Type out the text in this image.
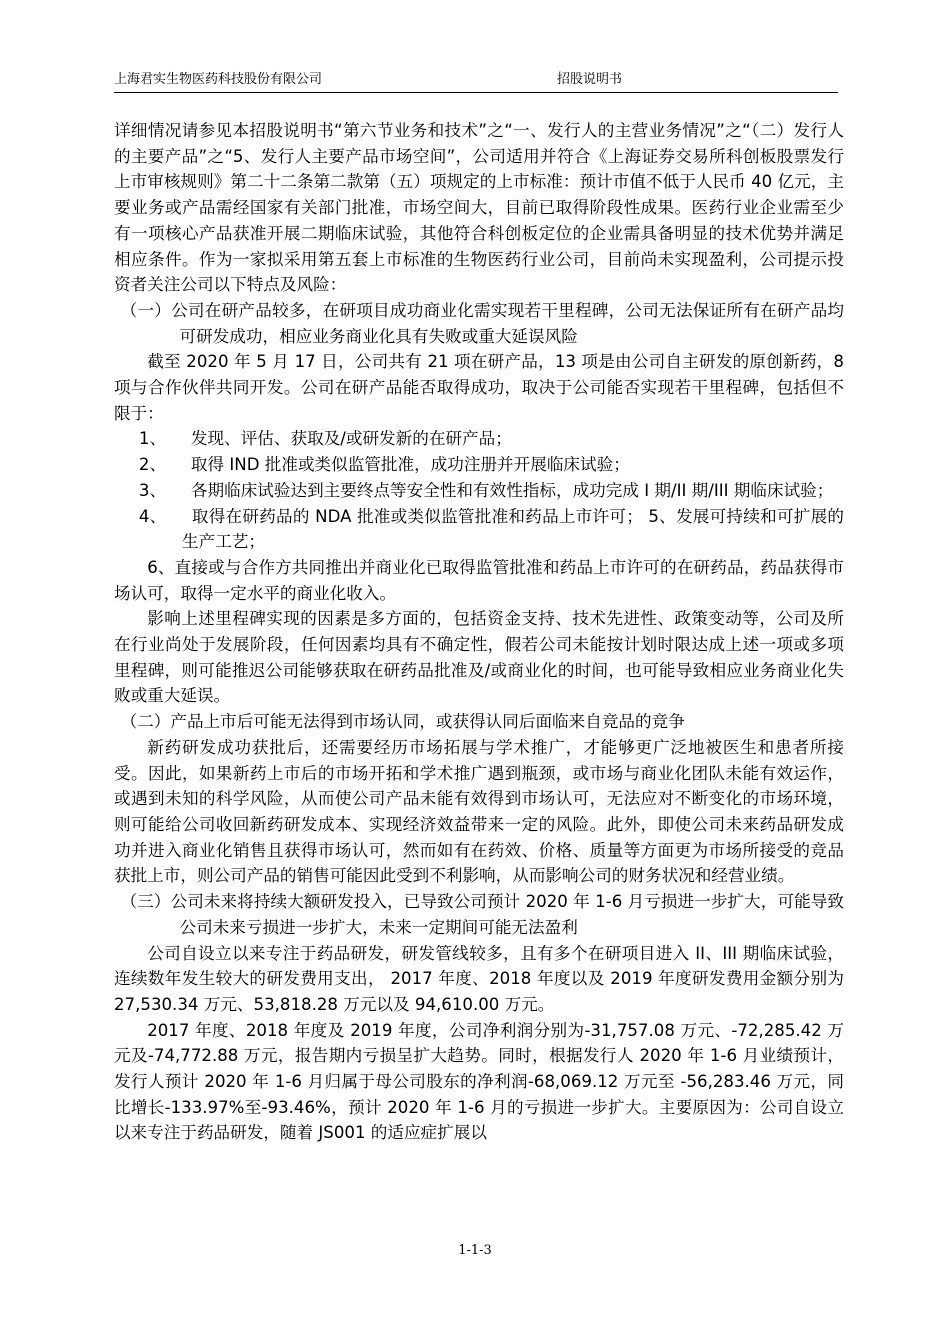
上海君实生物医药科技股份有限公司	招股说明书

详细情况请参见本招股说明书“第六节业务和技术”之“一、发行人的主营业务情况”之“（二）发行人的主要产品”之“5、发行人主要产品市场空间”，公司适用并符合《上海证券交易所科创板股票发行上市审核规则》第二十二条第二款第（五）项规定的上市标准：预计市值不低于人民币 40 亿元，主要业务或产品需经国家有关部门批准，市场空间大，目前已取得阶段性成果。医药行业企业需至少有一项核心产品获准开展二期临床试验，其他符合科创板定位的企业需具备明显的技术优势并满足相应条件。作为一家拟采用第五套上市标准的生物医药行业公司，目前尚未实现盈利，公司提示投资者关注公司以下特点及风险：

（一）公司在研产品较多，在研项目成功商业化需实现若干里程碑，公司无法保证所有在研产品均可研发成功，相应业务商业化具有失败或重大延误风险

截至 2020 年 5 月 17 日，公司共有 21 项在研产品，13 项是由公司自主研发的原创新药，8 项与合作伙伴共同开发。公司在研产品能否取得成功，取决于公司能否实现若干里程碑，包括但不限于：

1、　　发现、评估、获取及/或研发新的在研产品；

2、　　取得 IND 批准或类似监管批准，成功注册并开展临床试验；

3、　　各期临床试验达到主要终点等安全性和有效性指标，成功完成 I 期/II 期/III 期临床试验；

4、　　取得在研药品的 NDA 批准或类似监管批准和药品上市许可； 5、发展可持续和可扩展的生产工艺；

6、直接或与合作方共同推出并商业化已取得监管批准和药品上市许可的在研药品，药品获得市场认可，取得一定水平的商业化收入。

影响上述里程碑实现的因素是多方面的，包括资金支持、技术先进性、政策变动等，公司及所在行业尚处于发展阶段，任何因素均具有不确定性，假若公司未能按计划时限达成上述一项或多项里程碑，则可能推迟公司能够获取在研药品批准及/或商业化的时间，也可能导致相应业务商业化失败或重大延误。

（二）产品上市后可能无法得到市场认同，或获得认同后面临来自竞品的竞争

新药研发成功获批后，还需要经历市场拓展与学术推广，才能够更广泛地被医生和患者所接受。因此，如果新药上市后的市场开拓和学术推广遇到瓶颈，或市场与商业化团队未能有效运作，或遇到未知的科学风险，从而使公司产品未能有效得到市场认可，无法应对不断变化的市场环境，则可能给公司收回新药研发成本、实现经济效益带来一定的风险。此外，即使公司未来药品研发成功并进入商业化销售且获得市场认可，然而如有在药效、价格、质量等方面更为市场所接受的竞品获批上市，则公司产品的销售可能因此受到不利影响，从而影响公司的财务状况和经营业绩。

（三）公司未来将持续大额研发投入，已导致公司预计 2020 年 1-6 月亏损进一步扩大，可能导致公司未来亏损进一步扩大，未来一定期间可能无法盈利

公司自设立以来专注于药品研发，研发管线较多，且有多个在研项目进入 II、III 期临床试验，连续数年发生较大的研发费用支出， 2017 年度、2018 年度以及 2019 年度研发费用金额分别为 27,530.34 万元、53,818.28 万元以及 94,610.00 万元。

2017 年度、2018 年度及 2019 年度，公司净利润分别为-31,757.08 万元、-72,285.42 万元及-74,772.88 万元，报告期内亏损呈扩大趋势。同时，根据发行人 2020 年 1-6 月业绩预计，发行人预计 2020 年 1-6 月归属于母公司股东的净利润-68,069.12 万元至 -56,283.46 万元，同比增长-133.97%至-93.46%，预计 2020 年 1-6 月的亏损进一步扩大。主要原因为：公司自设立以来专注于药品研发，随着 JS001 的适应症扩展以

1-1-3
